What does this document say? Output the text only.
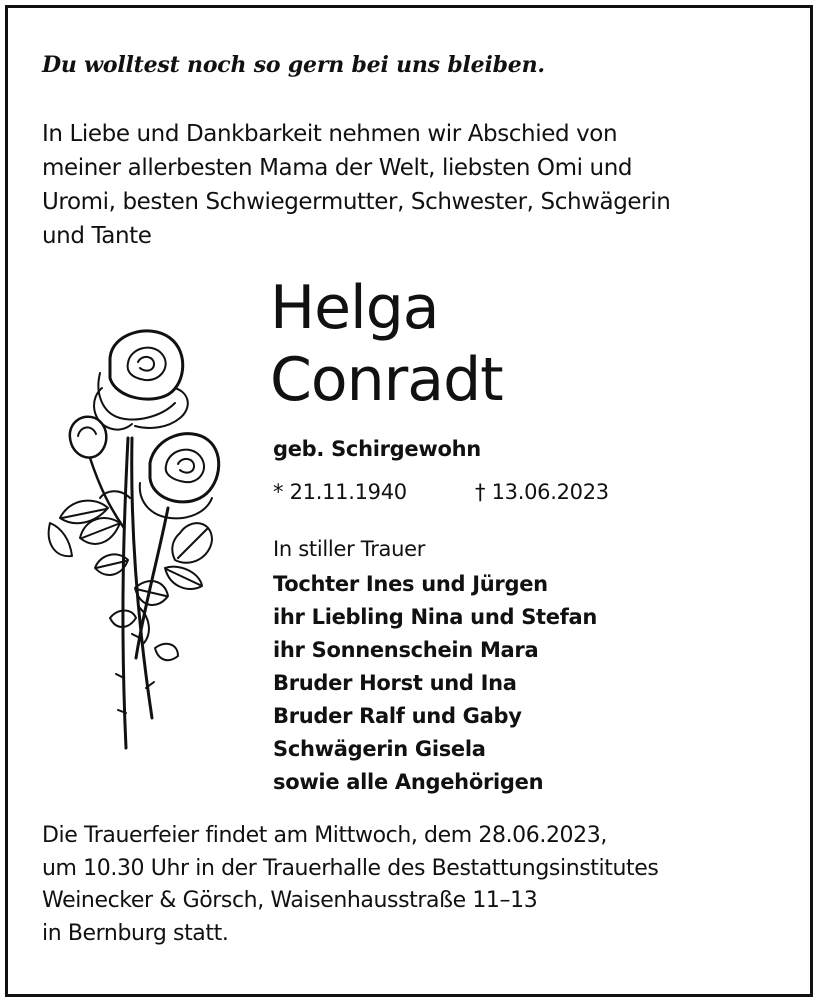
Du wolltest noch so gern bei uns bleiben.
In Liebe und Dankbarkeit nehmen wir Abschied von
meiner allerbesten Mama der Welt, liebsten Omi und
Uromi, besten Schwiegermutter, Schwester, Schwägerin
und Tante
Helga
Conradt
geb. Schirgewohn
* 21.11.1940	† 13.06.2023
In stiller Trauer
Tochter Ines und Jürgen
ihr Liebling Nina und Stefan
ihr Sonnenschein Mara
Bruder Horst und Ina
Bruder Ralf und Gaby
Schwägerin Gisela
sowie alle Angehörigen
Die Trauerfeier findet am Mittwoch, dem 28.06.2023,
um 10.30 Uhr in der Trauerhalle des Bestattungsinstitutes
Weinecker & Görsch, Waisenhausstraße 11–13
in Bernburg statt.
